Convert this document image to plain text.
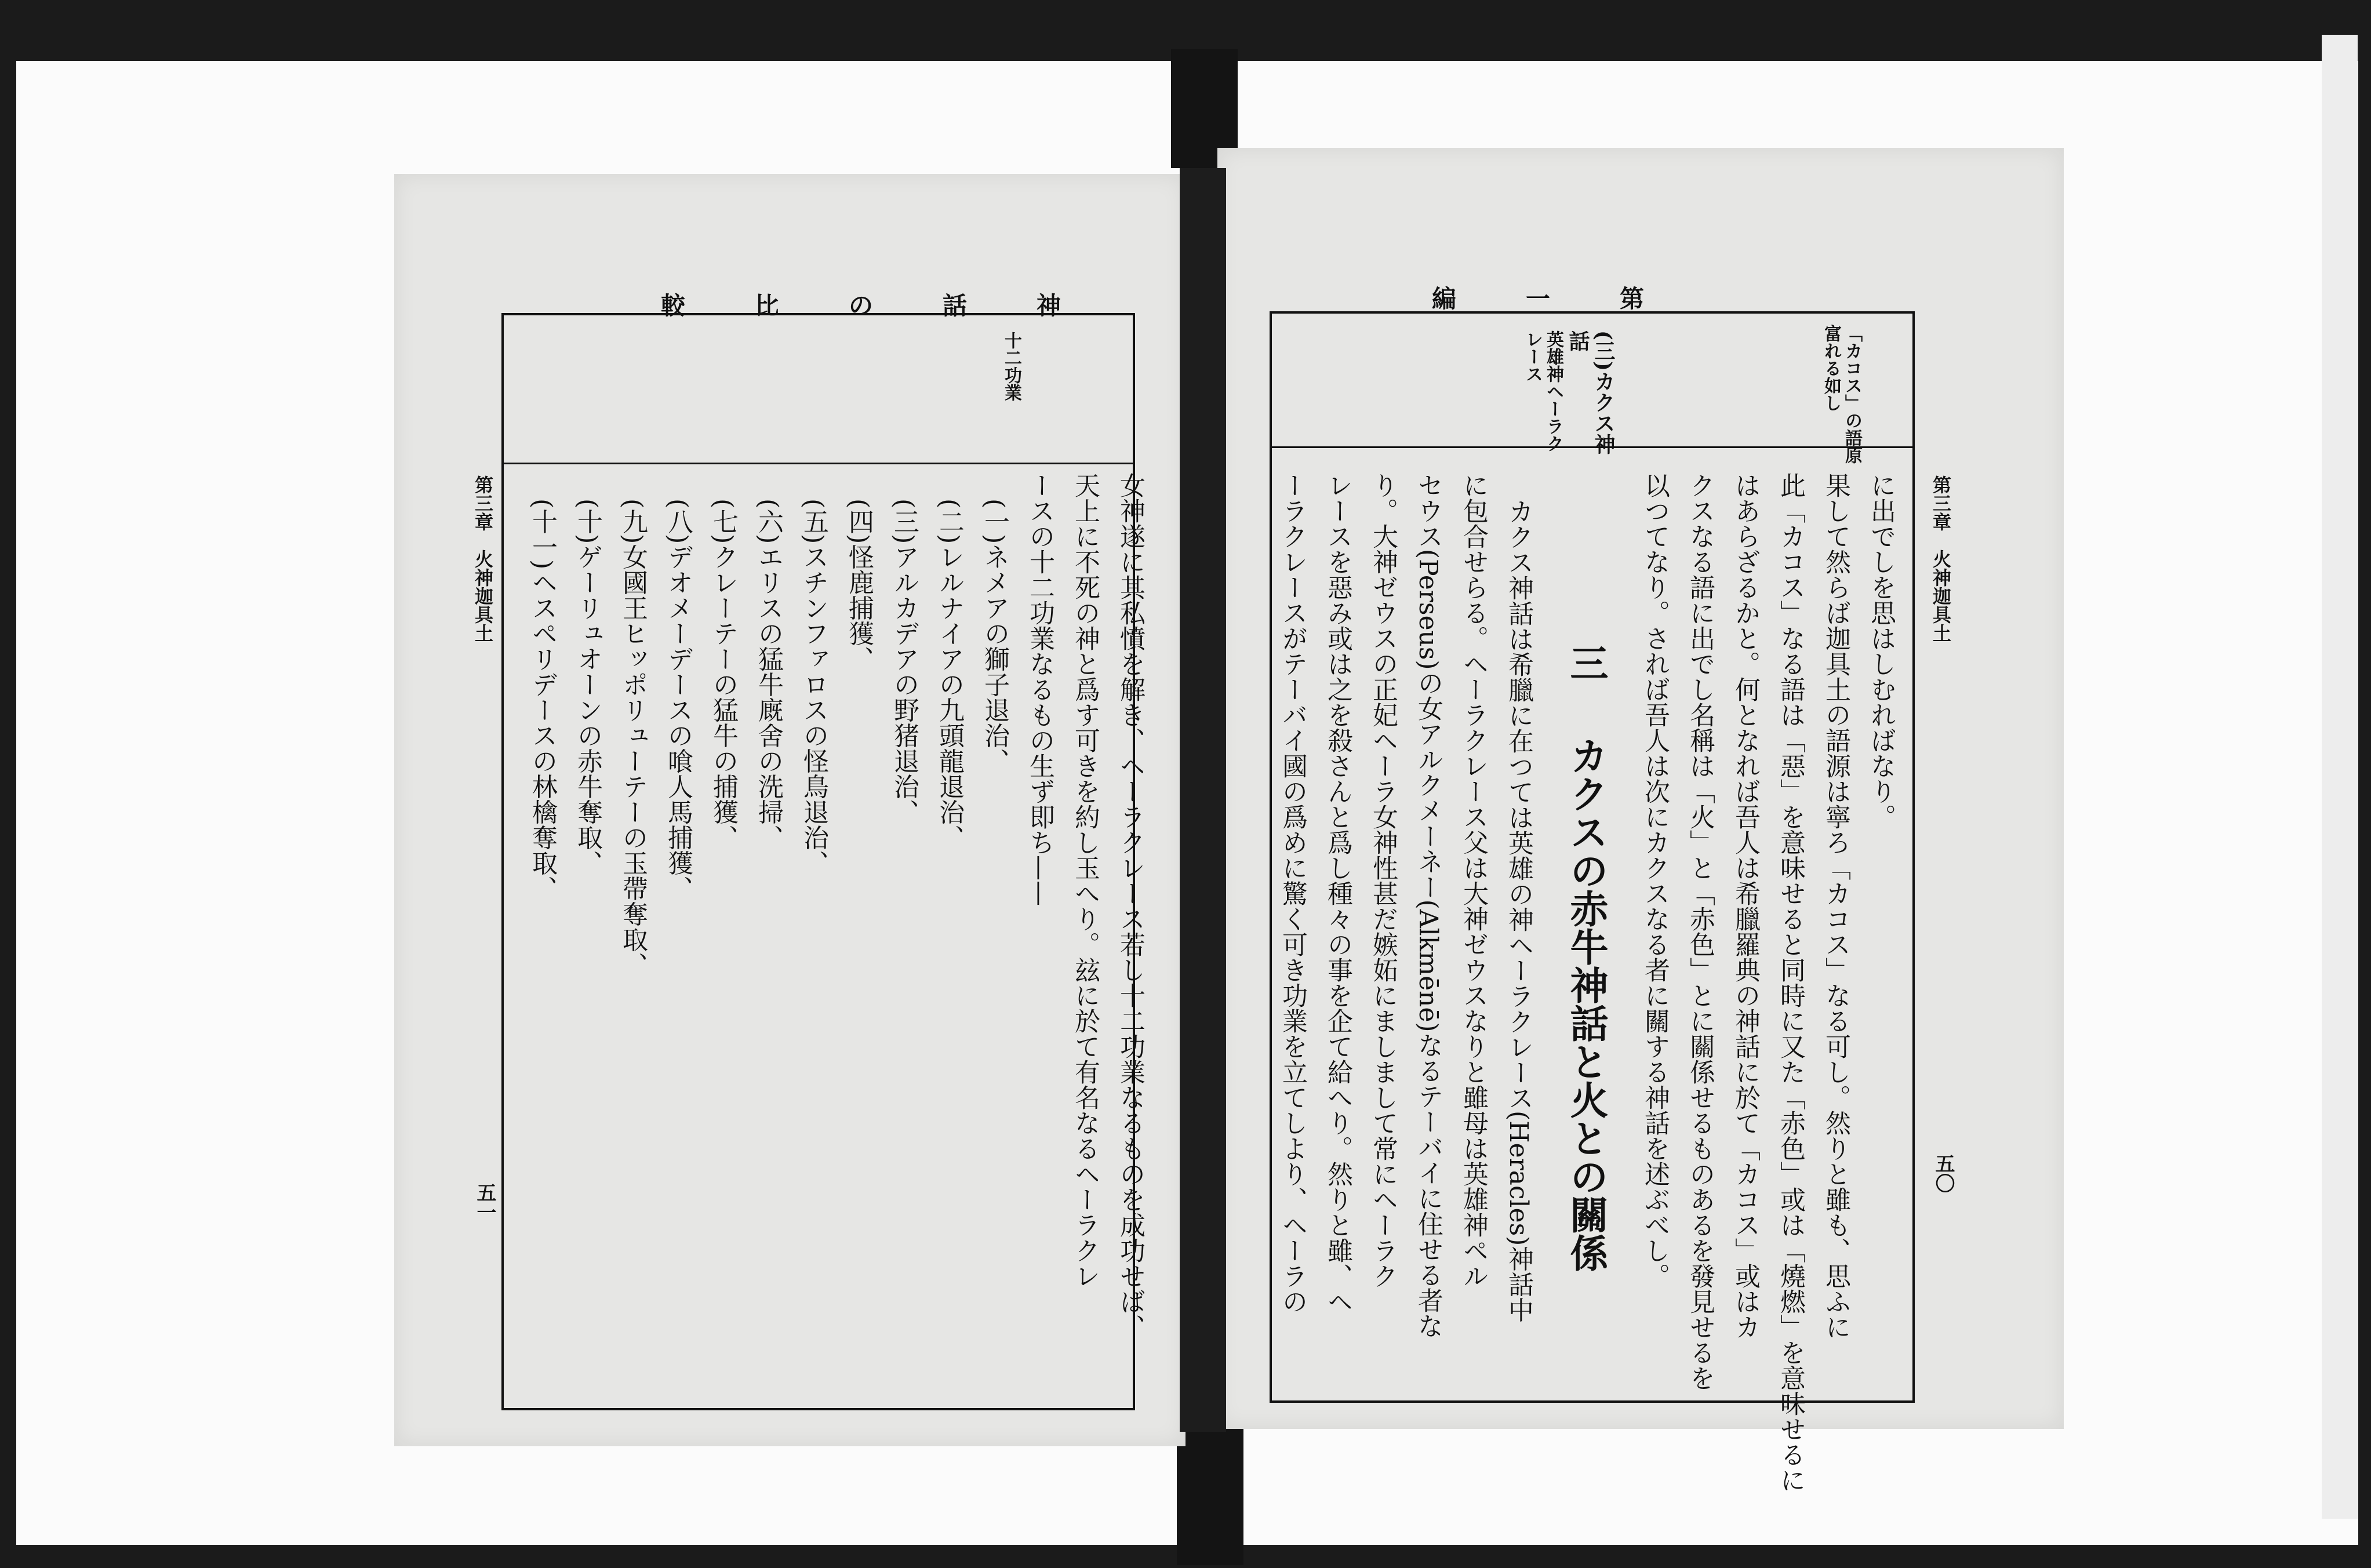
較比の話神	編一第
第三章　火神迦具土
五一
十二功業
女神遂に其私憤を解き、ヘーラクレース若し十二功業なるものを成功せば、
天上に不死の神と爲す可きを約し玉へり。玆に於て有名なるヘーラクレ
ースの十二功業なるもの生ず即ち——
(一)ネメアの獅子退治、
(二)レルナイアの九頭龍退治、
(三)アルカデアの野猪退治、
(四)怪鹿捕獲、
(五)スチンファロスの怪鳥退治、
(六)エリスの猛牛廐舍の洗掃、
(七)クレーテーの猛牛の捕獲、
(八)デオメーデースの喰人馬捕獲、
(九)女國王ヒッポリューテーの玉帶奪取、
(十)ゲーリュオーンの赤牛奪取、
(十一)ヘスペリデースの林檎奪取、	第三章　火神迦具土
五〇
「カコス」の語原
富れる如し
(三)カクス神
話
英雄神ヘーラク
レース
に出でしを思はしむればなり。
果して然らば迦具土の語源は寧ろ「カコス」なる可し。然りと雖も、思ふに
此「カコス」なる語は「惡」を意味せると同時に又た「赤色」或は「燒燃」を意味せるに
はあらざるかと。何となれば吾人は希臘羅典の神話に於て「カコス」或はカ
クスなる語に出でし名稱は「火」と「赤色」とに關係せるものあるを發見せるを
以つてなり。されば吾人は次にカクスなる者に關する神話を述ぶべし。
三
カクスの赤牛神話と火との關係
カクス神話は希臘に在つては英雄の神ヘーラクレース(Heracles)神話中
に包合せらる。ヘーラクレース父は大神ゼウスなりと雖母は英雄神ペル
セウス(Perseus)の女アルクメーネー(Alkmēnē)なるテーバイに住せる者な
り。大神ゼウスの正妃ヘーラ女神性甚だ嫉妬にましまして常にヘーラク
レースを惡み或は之を殺さんと爲し種々の事を企て給へり。然りと雖、ヘ
ーラクレースがテーバイ國の爲めに驚く可き功業を立てしより、ヘーラの
